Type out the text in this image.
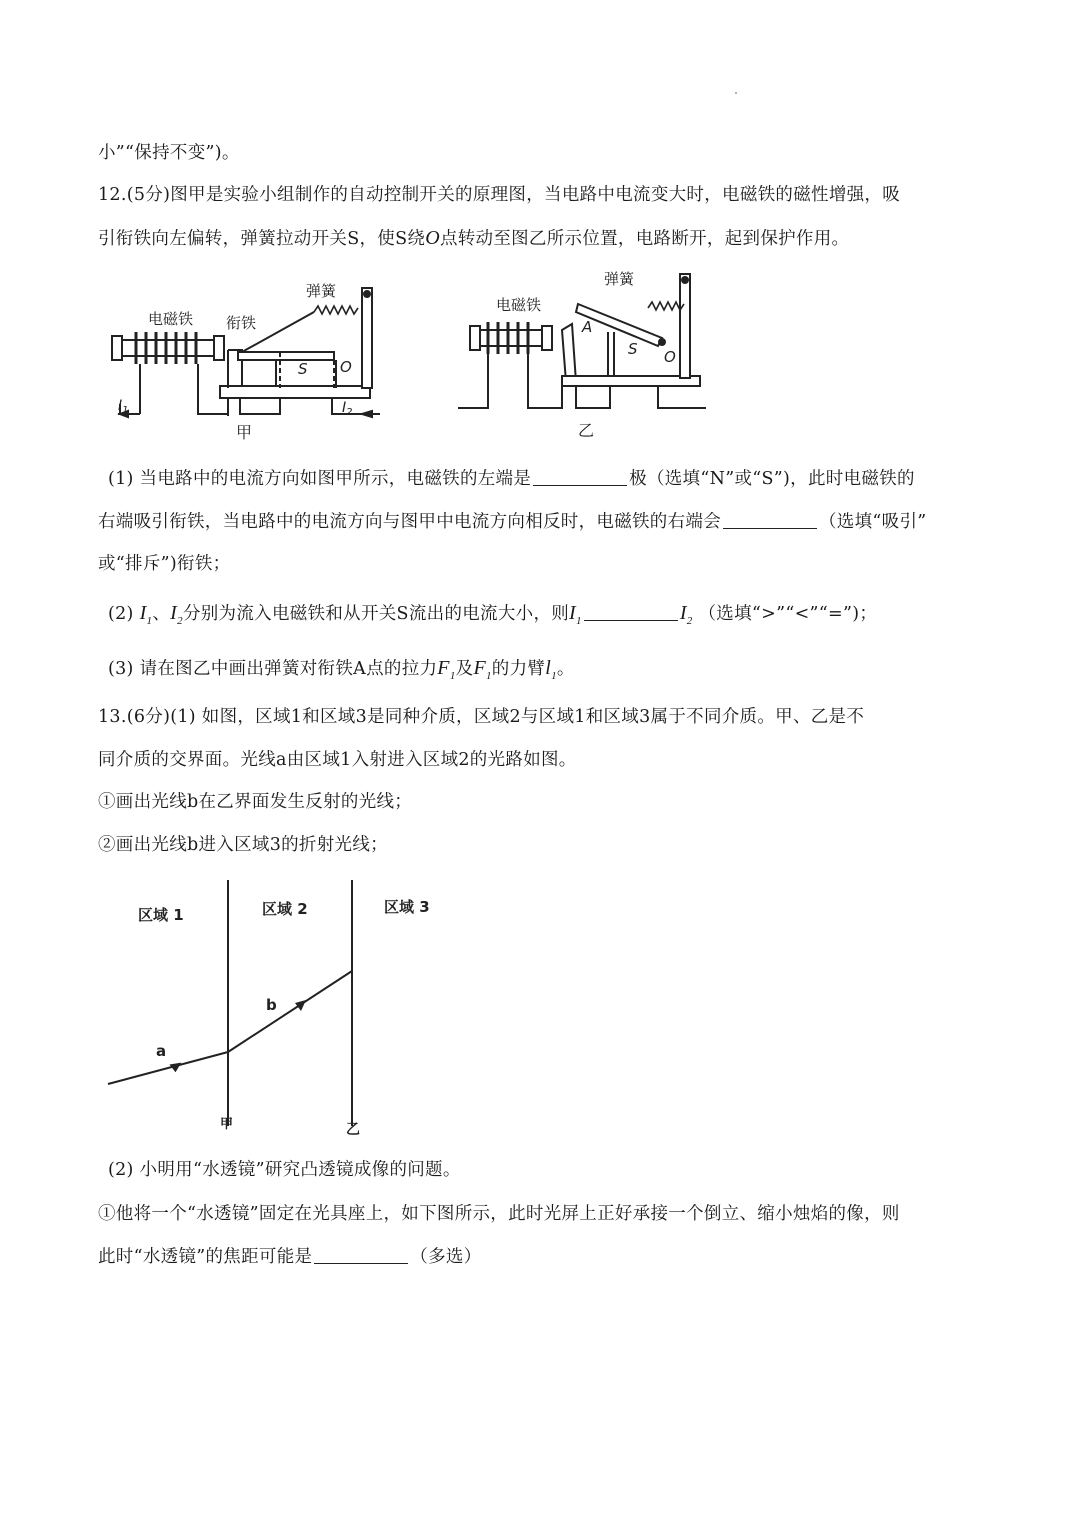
小”“保持不变”)。
12.(5分)图甲是实验小组制作的自动控制开关的原理图，当电路中电流变大时，电磁铁的磁性增强，吸
引衔铁向左偏转，弹簧拉动开关S，使S绕O点转动至图乙所示位置，电路断开，起到保护作用。
电磁铁 衔铁
弹簧
S O
$I_1$	$I_2$
甲
电磁铁
弹簧
A
S O
乙
(1) 当电路中的电流方向如图甲所示，电磁铁的左端是	极（选填“N”或“S”)，此时电磁铁的
右端吸引衔铁，当电路中的电流方向与图甲中电流方向相反时，电磁铁的右端会	（选填“吸引”
或“排斥”)衔铁；
(2) $I_1$、$I_2$分别为流入电磁铁和从开关S流出的电流大小，则$I_1$	$I_2$ （选填“>”“<”“=”)；
(3) 请在图乙中画出弹簧对衔铁A点的拉力$F_1$及$F_1$的力臂$l_1$。
13.(6分)(1) 如图，区域1和区域3是同种介质，区域2与区域1和区域3属于不同介质。甲、乙是不
同介质的交界面。光线a由区域1入射进入区域2的光路如图。
①画出光线b在乙界面发生反射的光线；
②画出光线b进入区域3的折射光线；
区域 1	区域 2	区域 3
a
b
甲	乙
(2) 小明用“水透镜”研究凸透镜成像的问题。
①他将一个“水透镜”固定在光具座上，如下图所示，此时光屏上正好承接一个倒立、缩小烛焰的像，则
此时“水透镜”的焦距可能是	（多选）
